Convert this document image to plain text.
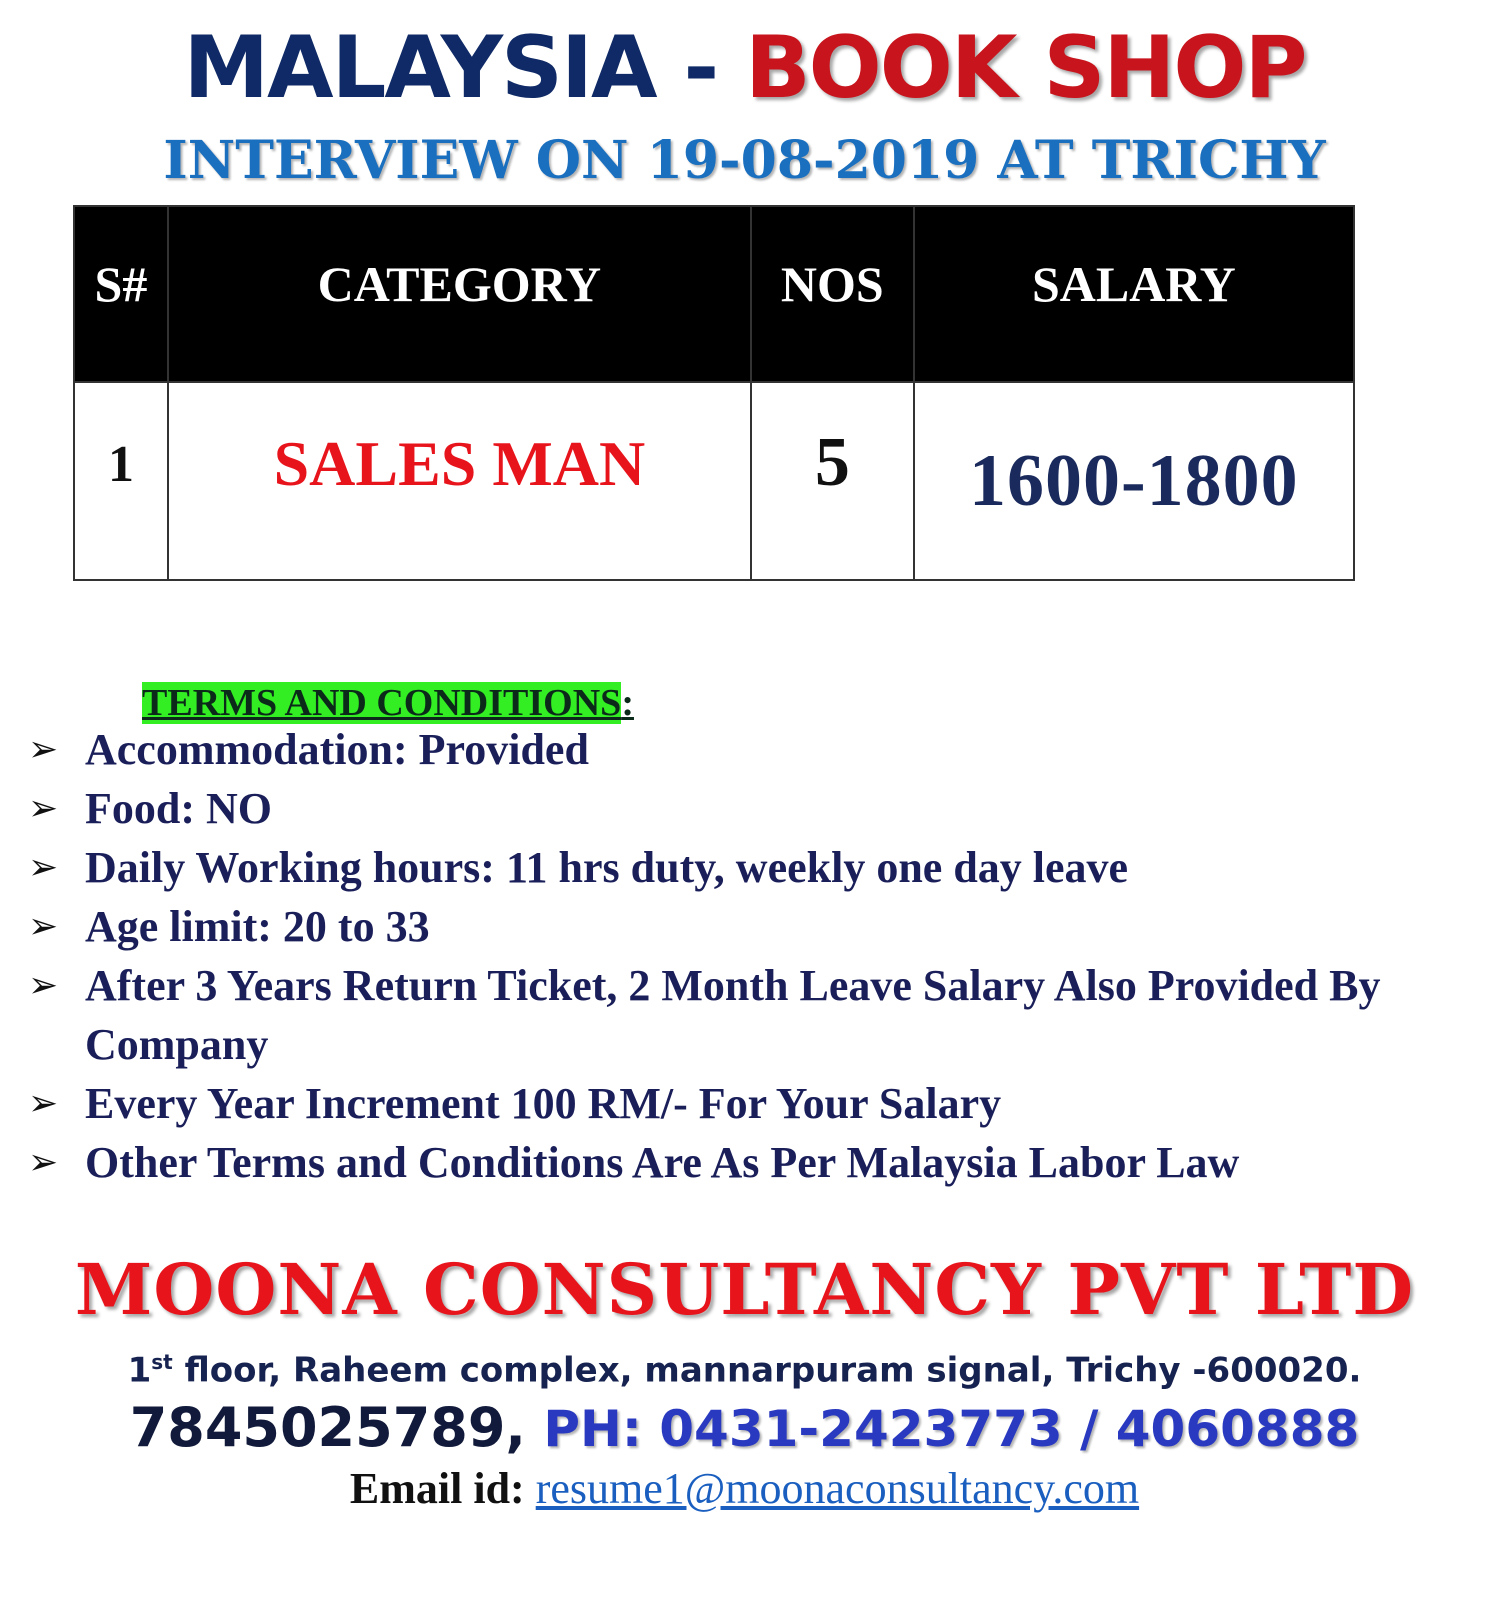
MALAYSIA - BOOK SHOP
INTERVIEW ON 19-08-2019 AT TRICHY
S#	CATEGORY	NOS	SALARY
1	SALES MAN	5	1600-1800
TERMS AND CONDITIONS:
➢ Accommodation: Provided
➢ Food: NO
➢ Daily Working hours: 11 hrs duty, weekly one day leave
➢ Age limit: 20 to 33
➢ After 3 Years Return Ticket, 2 Month Leave Salary Also Provided By
Company
➢ Every Year Increment 100 RM/- For Your Salary
➢ Other Terms and Conditions Are As Per Malaysia Labor Law
MOONA CONSULTANCY PVT LTD
1st floor, Raheem complex, mannarpuram signal, Trichy -600020.
7845025789, PH: 0431-2423773 / 4060888
Email id: resume1@moonaconsultancy.com
